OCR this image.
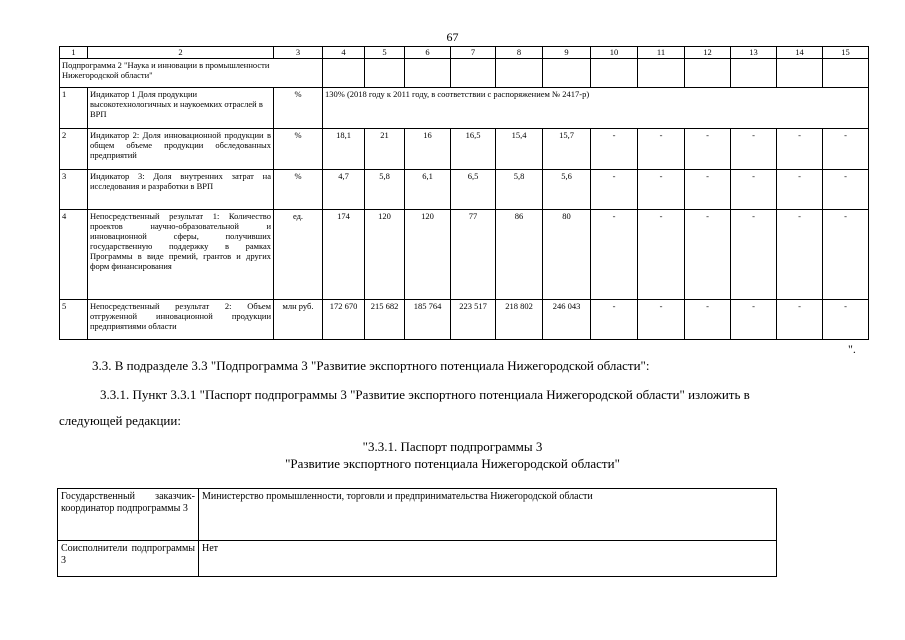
67
1	2	3	4	5	6	7	8	9	10	11	12	13	14	15
Подпрограмма 2 "Наука и инновации в промышленности Нижегородской области"														
1	Индикатор 1 Доля продукции высокотехнологичных и наукоемких отраслей в ВРП	%	130% (2018 году к 2011 году, в соответствии с распоряжением № 2417-р)											
2	Индикатор 2: Доля инновационной продукции в общем объеме продукции обследованных предприятий	%	18,1	21	16	16,5	15,4	15,7	-	-	-	-	-	-
3	Индикатор 3: Доля внутренних затрат на исследования и разработки в ВРП	%	4,7	5,8	6,1	6,5	5,8	5,6	-	-	-	-	-	-
4	Непосредственный результат 1: Количество проектов научно-образовательной и инновационной сферы, получивших государственную поддержку в рамках Программы в виде премий, грантов и других форм финансирования	ед.	174	120	120	77	86	80	-	-	-	-	-	-
5	Непосредственный результат 2: Объем отгруженной инновационной продукции предприятиями области	млн руб.	172 670	215 682	185 764	223 517	218 802	246 043	-	-	-	-	-	-
".
3.3. В подразделе 3.3 "Подпрограмма 3 "Развитие экспортного потенциала Нижегородской области":
3.3.1. Пункт 3.3.1 "Паспорт подпрограммы 3 "Развитие экспортного потенциала Нижегородской области" изложить в
следующей редакции:
"3.3.1. Паспорт подпрограммы 3
"Развитие экспортного потенциала Нижегородской области"
Государственный заказчик-координатор подпрограммы 3	Министерство промышленности, торговли и предпринимательства Нижегородской области
Соисполнители подпрограммы 3	Нет
